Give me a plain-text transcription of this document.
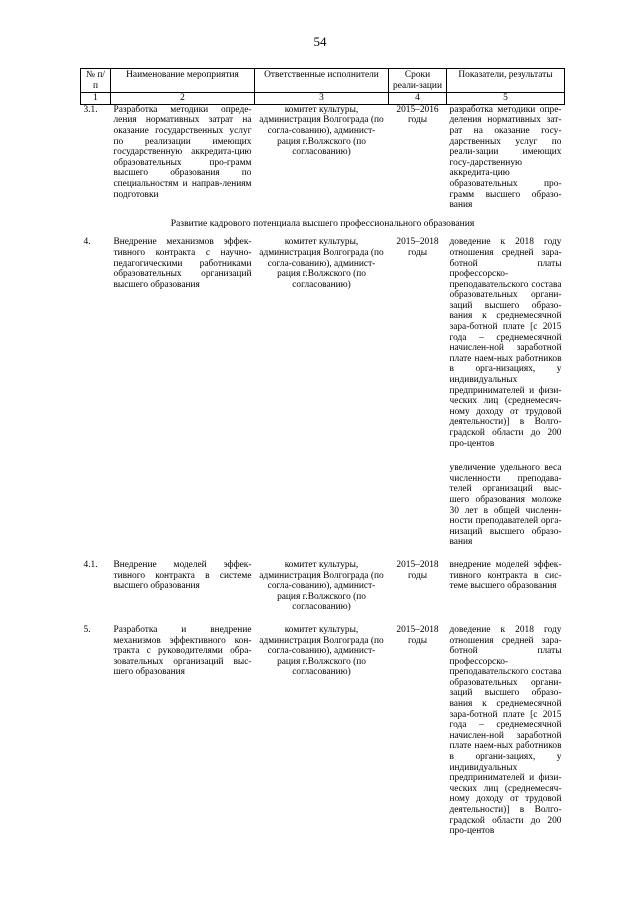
54
№ п/п	Наименование мероприятия	Ответственные исполнители	Сроки реали-зации	Показатели, результаты
1	2	3	4	5
3.1.	Разработка методики опреде-ления нормативных затрат на оказание государственных услуг по реализации имеющих государственную аккредита-цию образовательных про-грамм высшего образования по специальностям и направ-лениям подготовки	комитет культуры, администрация Волгограда (по согла-сованию), админист-рация г.Волжского (по согласованию)	2015–2016 годы	разработка методики опре-деления нормативных зат-рат на оказание госу-дарственных услуг по реали-зации имеющих госу-дарственную аккредита-цию образовательных про-грамм высшего образо-вания
Развитие кадрового потенциала высшего профессионального образования				
4.	Внедрение механизмов эффек-тивного контракта с научно-педагогическими работниками образовательных организаций высшего образования	комитет культуры, администрация Волгограда (по согла-сованию), админист-рация г.Волжского (по согласованию)	2015–2018 годы	доведение к 2018 году отношения средней зара-ботной платы профессорско-преподавательского состава образовательных органи-заций высшего образо-вания к среднемесячной зара-ботной плате [с 2015 года – среднемесячной начислен-ной заработной плате наем-ных работников в орга-низациях, у индивидуальных предпринимателей и физи-ческих лиц (среднемесяч-ному доходу от трудовой деятельности)] в Волго-градской области до 200 про-центов
увеличение удельного веса численности преподава-телей организаций выс-шего образования моложе 30 лет в общей численн-ности преподавателей орга-низаций высшего образо-вания

4.1.	Внедрение моделей эффек-тивного контракта в системе высшего образования	комитет культуры, администрация Волгограда (по согла-сованию), админист-рация г.Волжского (по согласованию)	2015–2018 годы	внедрение моделей эффек-тивного контракта в сис-теме высшего образования

5.	Разработка и внедрение механизмов эффективного кон-тракта с руководителями обра-зовательных организаций выс-шего образования	комитет культуры, администрация Волгограда (по согла-сованию), админист-рация г.Волжского (по согласованию)	2015–2018 годы	доведение к 2018 году отношения средней зара-ботной платы профессорско-преподавательского состава образовательных органи-заций высшего образо-вания к среднемесячной зара-ботной плате [с 2015 года – среднемесячной начислен-ной заработной плате наем-ных работников в органи-зациях, у индивидуальных предпринимателей и физи-ческих лиц (среднемесяч-ному доходу от трудовой деятельности)] в Волго-градской области до 200 про-центов
